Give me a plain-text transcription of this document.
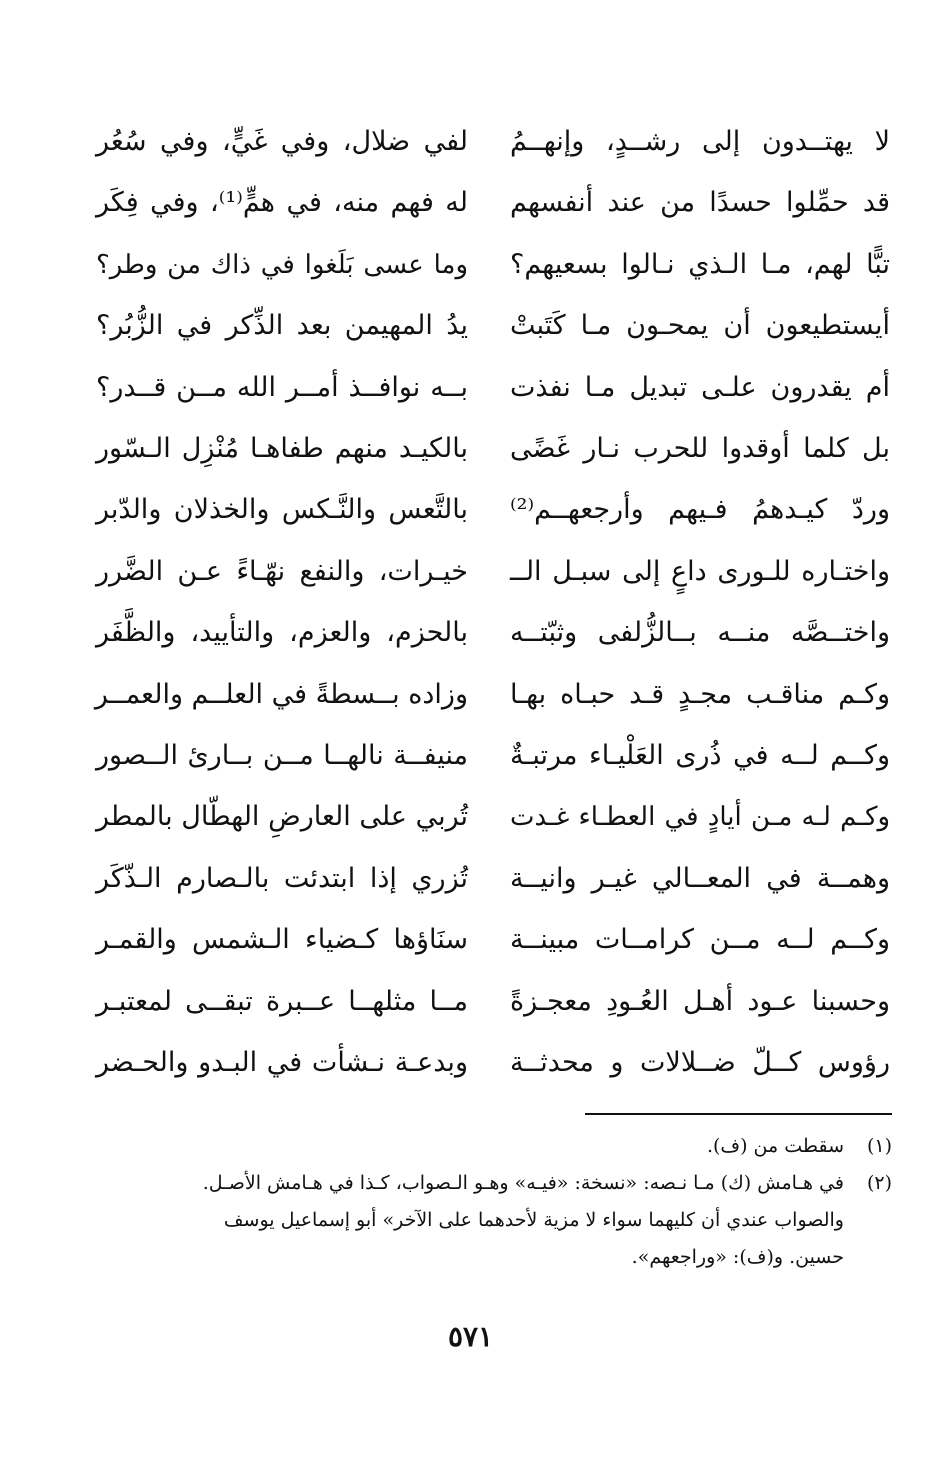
لا يهتــدون إلى رشــدٍ، وإنهــمُ
لفي ضلال، وفي غَيٍّ، وفي سُعُر
قد حمِّلوا حسدًا من عند أنفسهم
له فهم منه، في همٍّ⁽¹⁾، وفي فِكَر
تبًّا لهم، مـا الـذي نـالوا بسعيهم؟
وما عسى بَلَغوا في ذاك من وطر؟
أيستطيعون أن يمحـون مـا كَتَبتْ
يدُ المهيمن بعد الذِّكر في الزُّبُر؟
أم يقدرون علـى تبديل مـا نفذت
بــه نوافــذ أمــر الله مــن قــدر؟
بل كلما أوقدوا للحرب نـار غَضًى
بالكيـد منهم طفاهـا مُنْزِل الـسّور
وردّ كيـدهمُ فـيهم وأرجعهــم⁽²⁾
بالتَّعس والنَّـكس والخذلان والدّبر
واختـاره للـورى داعٍ إلى سبـل الــ
خيـرات، والنفع نهّـاءً عـن الضَّرر
واختــصَّه منــه بــالزُّلفى وثبّتــه
بالحزم، والعزم، والتأييد، والظَّفَر
وكـم مناقـب مجـدٍ قـد حبـاه بهـا
وزاده بــسطةً في العلــم والعمــر
وكــم لــه في ذُرى العَلْيـاء مرتبـةٌ
منيفــة نالهــا مــن بــارئ الــصور
وكـم لـه مـن أيادٍ في العطـاء غـدت
تُربي على العارضِ الهطّال بالمطر
وهمــة في المعــالي غيـر وانيــة
تُزري إذا ابتدئت بالـصارم الـذّكَر
وكــم لــه مــن كرامــات مبينــة
سنَاؤها كـضياء الـشمس والقمـر
وحسبنا عـود أهـل العُـودِ معجـزةً
مــا مثلهــا عــبرة تبقــى لمعتبـر
رؤوس كــلّ ضــلالات و محدثــة
وبدعـة نـشأت في البـدو والحـضر
(١)
سقطت من (ف).
(٢)
في هـامش (ك) مـا نـصه: «نسخة: «فيـه» وهـو الـصواب، كـذا في هـامش الأصـل.
والصواب عندي أن كليهما سواء لا مزية لأحدهما على الآخر» أبو إسماعيل يوسف
حسين. و(ف): «وراجعهم».
٥٧١
